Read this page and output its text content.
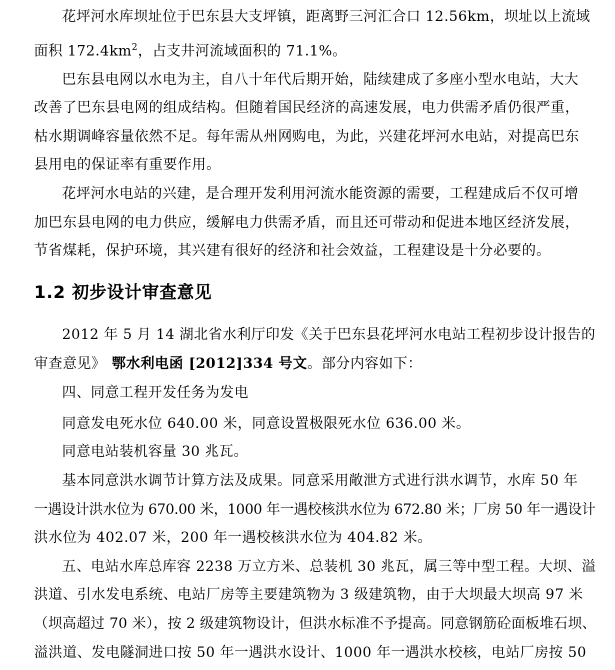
花坪河水库坝址位于巴东县大支坪镇，距离野三河汇合口 12.56km，坝址以上流域
面积 $172.4km^2$，占支井河流域面积的 71.1%。
巴东县电网以水电为主，自八十年代后期开始，陆续建成了多座小型水电站，大大
改善了巴东县电网的组成结构。但随着国民经济的高速发展，电力供需矛盾仍很严重，
枯水期调峰容量依然不足。每年需从州网购电，为此，兴建花坪河水电站，对提高巴东
县用电的保证率有重要作用。
花坪河水电站的兴建，是合理开发利用河流水能资源的需要，工程建成后不仅可增
加巴东县电网的电力供应，缓解电力供需矛盾，而且还可带动和促进本地区经济发展，
节省煤耗，保护环境，其兴建有很好的经济和社会效益，工程建设是十分必要的。
1.2 初步设计审查意见
2012 年 5 月 14 湖北省水利厅印发《关于巴东县花坪河水电站工程初步设计报告的
审查意见》 鄂水利电函 [2012]334 号文。部分内容如下：
四、同意工程开发任务为发电
同意发电死水位 640.00 米，同意设置极限死水位 636.00 米。
同意电站装机容量 30 兆瓦。
基本同意洪水调节计算方法及成果。同意采用敞泄方式进行洪水调节，水库 50 年
一遇设计洪水位为 670.00 米，1000 年一遇校核洪水位为 672.80 米；厂房 50 年一遇设计
洪水位为 402.07 米，200 年一遇校核洪水位为 404.82 米。
五、电站水库总库容 2238 万立方米、总装机 30 兆瓦，属三等中型工程。大坝、溢
洪道、引水发电系统、电站厂房等主要建筑物为 3 级建筑物，由于大坝最大坝高 97 米
（坝高超过 70 米），按 2 级建筑物设计，但洪水标准不予提高。同意钢筋砼面板堆石坝、
溢洪道、发电隧洞进口按 50 年一遇洪水设计、1000 年一遇洪水校核，电站厂房按 50
